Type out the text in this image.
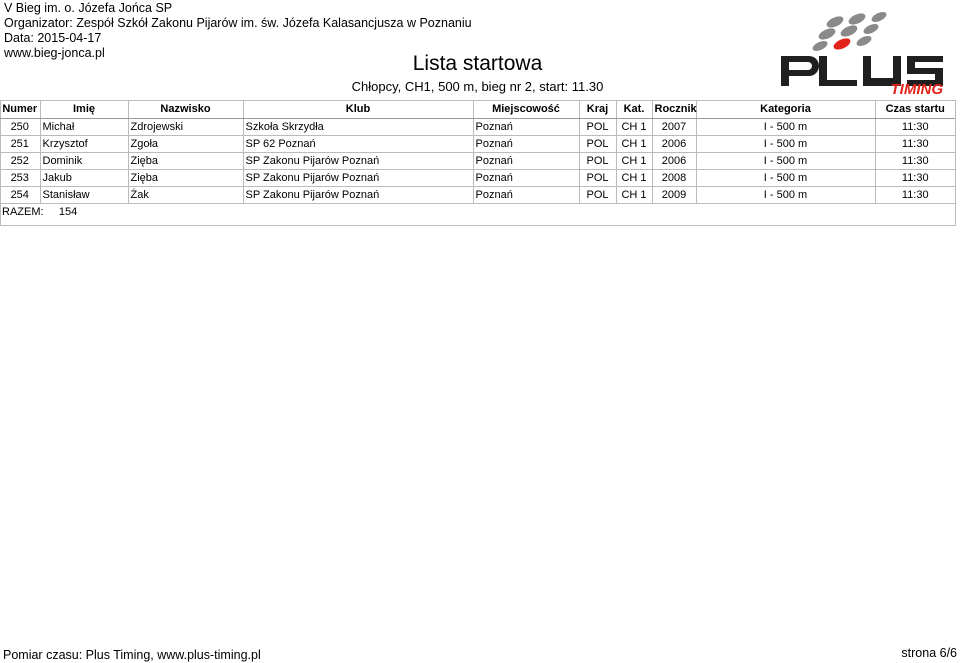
V Bieg im. o. Józefa Jońca SP
Organizator: Zespół Szkół Zakonu Pijarów im. św. Józefa Kalasancjusza w Poznaniu
Data: 2015-04-17
www.bieg-jonca.pl	Lista startowa
Chłopcy, CH1, 500 m, bieg nr 2, start: 11.30	TIMING
Numer	Imię	Nazwisko	Klub	Miejscowość	Kraj	Kat.	Rocznik	Kategoria	Czas startu
250	Michał	Zdrojewski	Szkoła Skrzydła	Poznań	POL	CH 1	2007	I - 500 m	11:30
251	Krzysztof	Zgoła	SP 62 Poznań	Poznań	POL	CH 1	2006	I - 500 m	11:30
252	Dominik	Zięba	SP Zakonu Pijarów Poznań	Poznań	POL	CH 1	2006	I - 500 m	11:30
253	Jakub	Zięba	SP Zakonu Pijarów Poznań	Poznań	POL	CH 1	2008	I - 500 m	11:30
254	Stanisław	Żak	SP Zakonu Pijarów Poznań	Poznań	POL	CH 1	2009	I - 500 m	11:30
RAZEM: 154									
Pomiar czasu: Plus Timing, www.plus-timing.pl	strona 6/6
